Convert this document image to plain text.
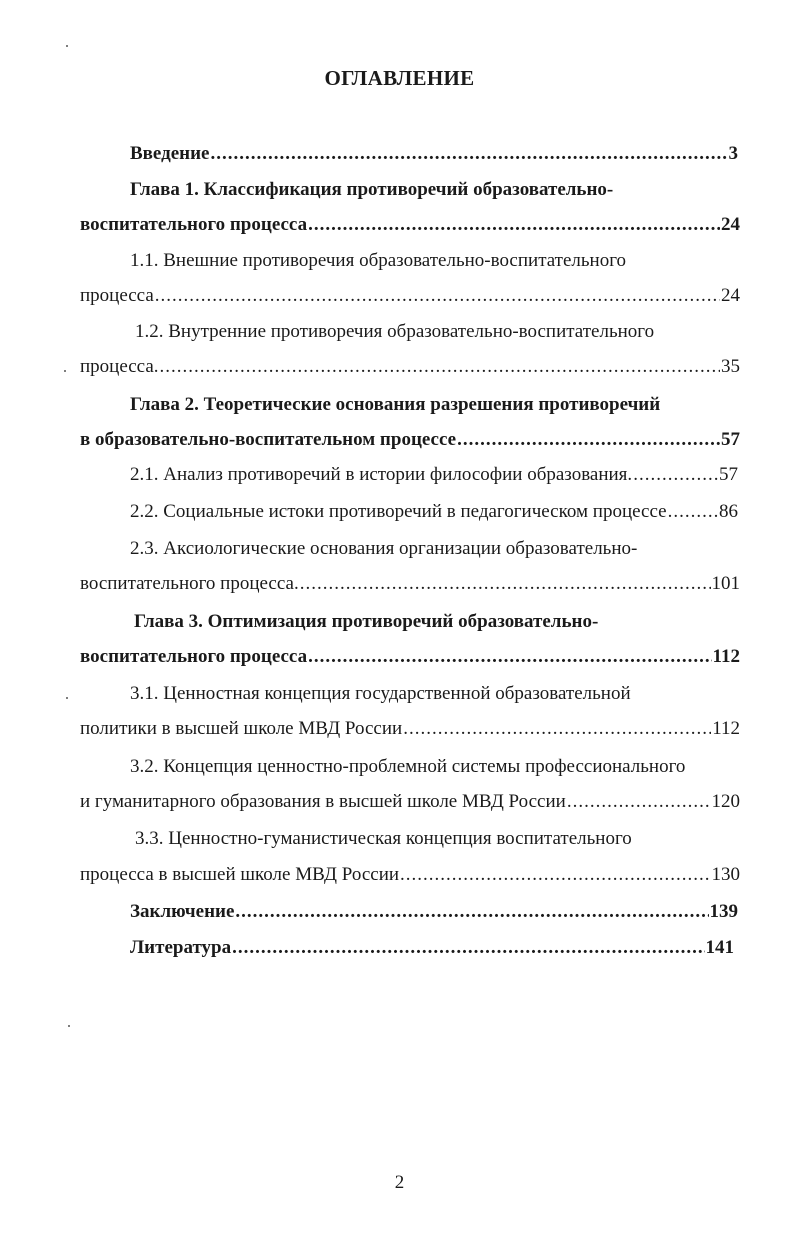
ОГЛАВЛЕНИЕ
Введение .....	3
Глава 1. Классификация противоречий образовательно-
воспитательного процесса .....	24
1.1. Внешние противоречия образовательно-воспитательного
процесса .....	24
1.2. Внутренние противоречия образовательно-воспитательного
процесса. .....	35
Глава 2. Теоретические основания разрешения противоречий
в образовательно-воспитательном процессе .....	57
2.1. Анализ противоречий в истории философии образования. .....	57
2.2. Социальные истоки противоречий в педагогическом процессе .....	86
2.3. Аксиологические основания организации образовательно-
воспитательного процесса. .....	101
Глава 3. Оптимизация противоречий образовательно-
воспитательного процесса .....	112
3.1. Ценностная концепция государственной образовательной
политики в высшей школе МВД России .....	112
3.2. Концепция ценностно-проблемной системы профессионального
и гуманитарного образования в высшей школе МВД России .....	120
3.3. Ценностно-гуманистическая концепция воспитательного
процесса в высшей школе МВД России .....	130
Заключение .....	139
Литература .....	141
2
